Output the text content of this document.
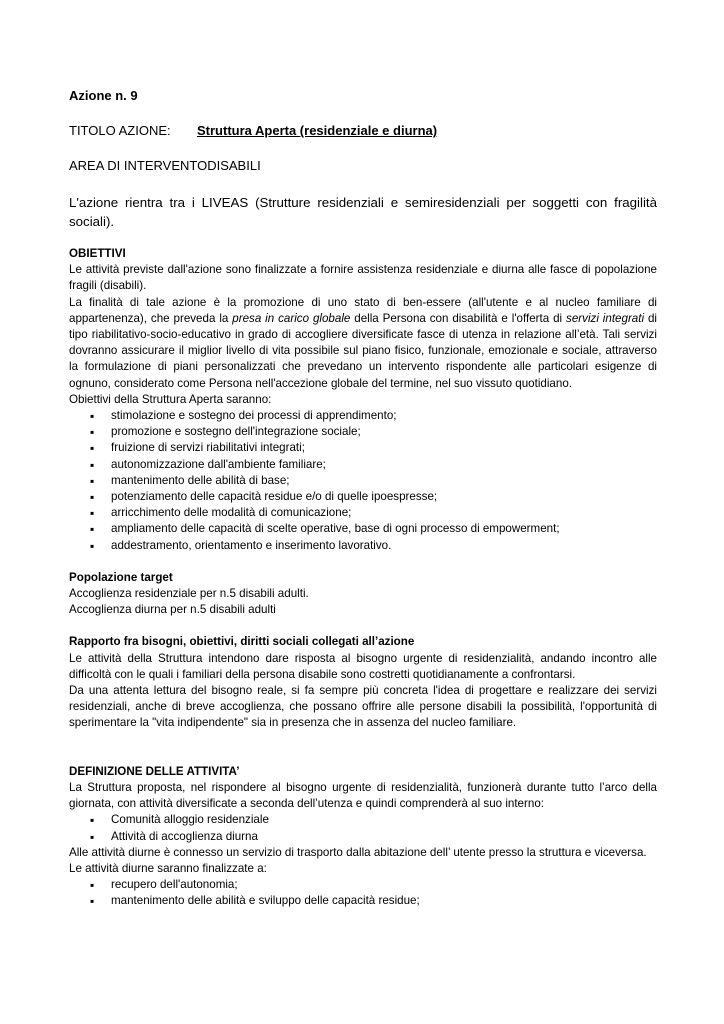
Azione n. 9
TITOLO AZIONE: Struttura Aperta (residenziale e diurna)
AREA DI INTERVENTODISABILI

L'azione rientra tra i LIVEAS (Strutture residenziali e semiresidenziali per soggetti con fragilità sociali).

OBIETTIVI

Le attività previste dall'azione sono finalizzate a fornire assistenza residenziale e diurna alle fasce di popolazione fragili (disabili).

La finalità di tale azione è la promozione di uno stato di ben-essere (all'utente e al nucleo familiare di appartenenza), che preveda la presa in carico globale della Persona con disabilità e l'offerta di servizi integrati di tipo riabilitativo-socio-educativo in grado di accogliere diversificate fasce di utenza in relazione all’età. Tali servizi dovranno assicurare il miglior livello di vita possibile sul piano fisico, funzionale, emozionale e sociale, attraverso la formulazione di piani personalizzati che prevedano un intervento rispondente alle particolari esigenze di ognuno, considerato come Persona nell'accezione globale del termine, nel suo vissuto quotidiano.

Obiettivi della Struttura Aperta saranno:

▪ stimolazione e sostegno dei processi di apprendimento;
▪ promozione e sostegno dell'integrazione sociale;
▪ fruizione di servizi riabilitativi integrati;
▪ autonomizzazione dall'ambiente familiare;
▪ mantenimento delle abilità di base;
▪ potenziamento delle capacità residue e/o di quelle ipoespresse;
▪ arricchimento delle modalità di comunicazione;
▪ ampliamento delle capacità di scelte operative, base di ogni processo di empowerment;
▪ addestramento, orientamento e inserimento lavorativo.
Popolazione target

Accoglienza residenziale per n.5 disabili adulti.

Accoglienza diurna per n.5 disabili adulti

Rapporto fra bisogni, obiettivi, diritti sociali collegati all’azione

Le attività della Struttura intendono dare risposta al bisogno urgente di residenzialità, andando incontro alle difficoltà con le quali i familiari della persona disabile sono costretti quotidianamente a confrontarsi.

Da una attenta lettura del bisogno reale, si fa sempre più concreta l'idea di progettare e realizzare dei servizi residenziali, anche di breve accoglienza, che possano offrire alle persone disabili la possibilità, l'opportunità di sperimentare la "vita indipendente" sia in presenza che in assenza del nucleo familiare.

DEFINIZIONE DELLE ATTIVITA’

La Struttura proposta, nel rispondere al bisogno urgente di residenzialità, funzionerà durante tutto l’arco della giornata, con attività diversificate a seconda dell’utenza e quindi comprenderà al suo interno:

▪ Comunità alloggio residenziale
▪ Attività di accoglienza diurna

Alle attività diurne è connesso un servizio di trasporto dalla abitazione dell’ utente presso la struttura e viceversa.

Le attività diurne saranno finalizzate a:

▪ recupero dell'autonomia;
▪ mantenimento delle abilità e sviluppo delle capacità residue;
